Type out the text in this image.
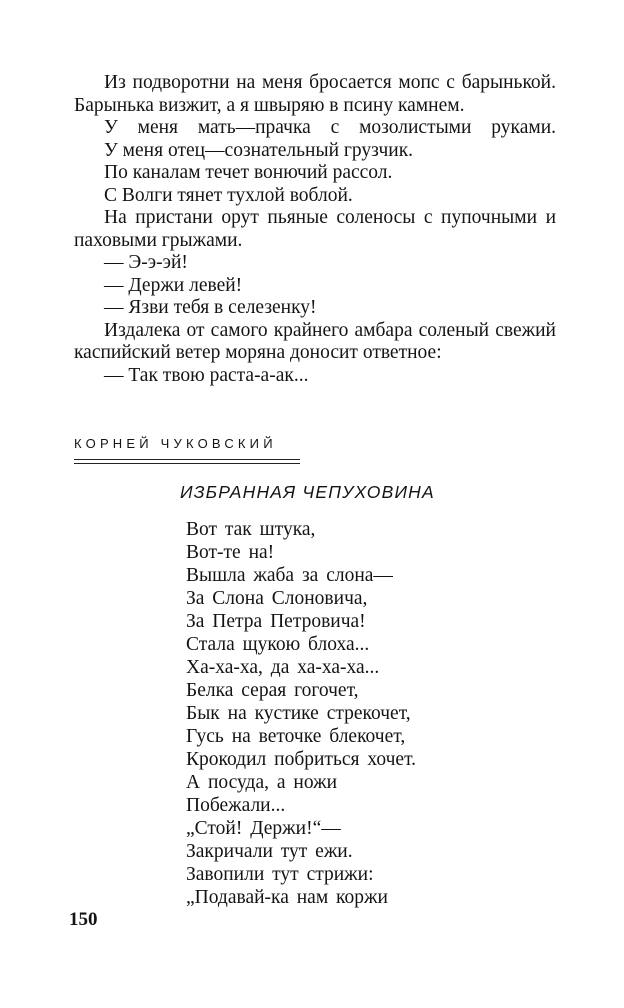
Из подворотни на меня бросается мопс с барынькой. Барынька визжит, а я швыряю в псину камнем.

У меня мать—прачка с мозолистыми руками.

У меня отец—сознательный грузчик.

По каналам течет вонючий рассол.

С Волги тянет тухлой воблой.

На пристани орут пьяные соленосы с пупочными и паховыми грыжами.

— Э-э-эй!

— Держи левей!

— Язви тебя в селезенку!

Издалека от самого крайнего амбара соленый свежий каспийский ветер моряна доносит ответное:

— Так твою раста-а-ак...

КОРНЕЙ ЧУКОВСКИЙ
ИЗБРАННАЯ ЧЕПУХОВИНА
Вот так штука,
Вот-те на!
Вышла жаба за слона—
За Слона Слоновича,
За Петра Петровича!
Стала щукою блоха...
Ха-ха-ха, да ха-ха-ха...
Белка серая гогочет,
Бык на кустике стрекочет,
Гусь на веточке блекочет,
Крокодил побриться хочет.
А посуда, а ножи
Побежали...
„Стой! Держи!“—
Закричали тут ежи.
Завопили тут стрижи:
„Подавай-ка нам коржи
150
